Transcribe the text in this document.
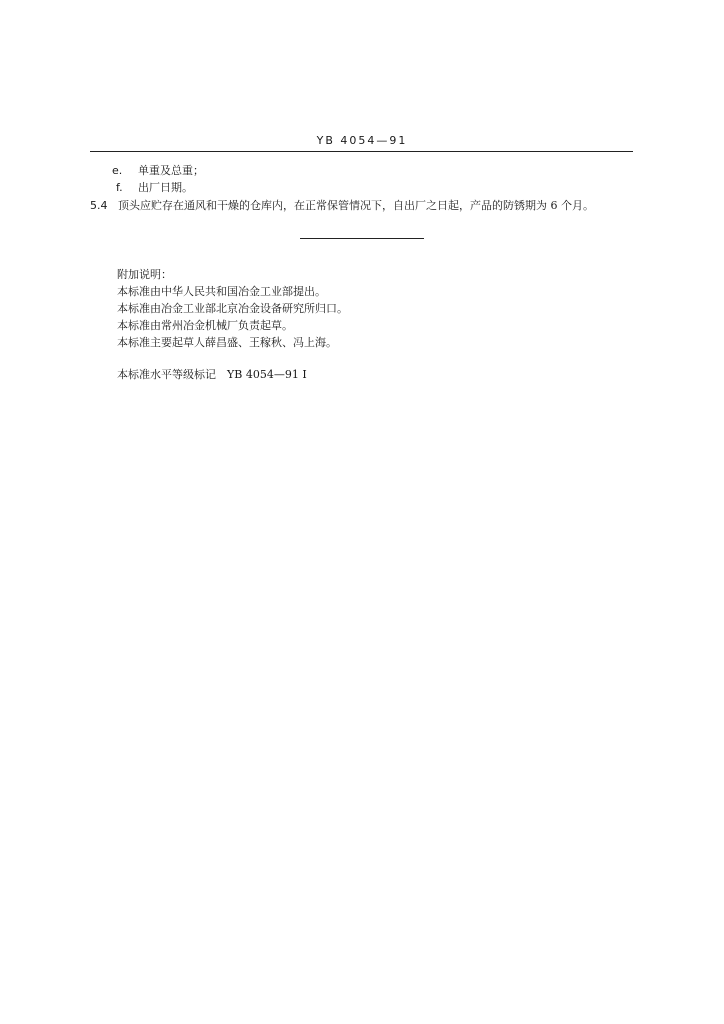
YB 4054—91
e. 单重及总重；
f. 出厂日期。
5.4 顶头应贮存在通风和干燥的仓库内，在正常保管情况下，自出厂之日起，产品的防锈期为 6 个月。
附加说明：
本标准由中华人民共和国冶金工业部提出。
本标准由冶金工业部北京冶金设备研究所归口。
本标准由常州冶金机械厂负责起草。
本标准主要起草人薛昌盛、王稼秋、冯上海。
本标准水平等级标记　YB 4054—91 I
